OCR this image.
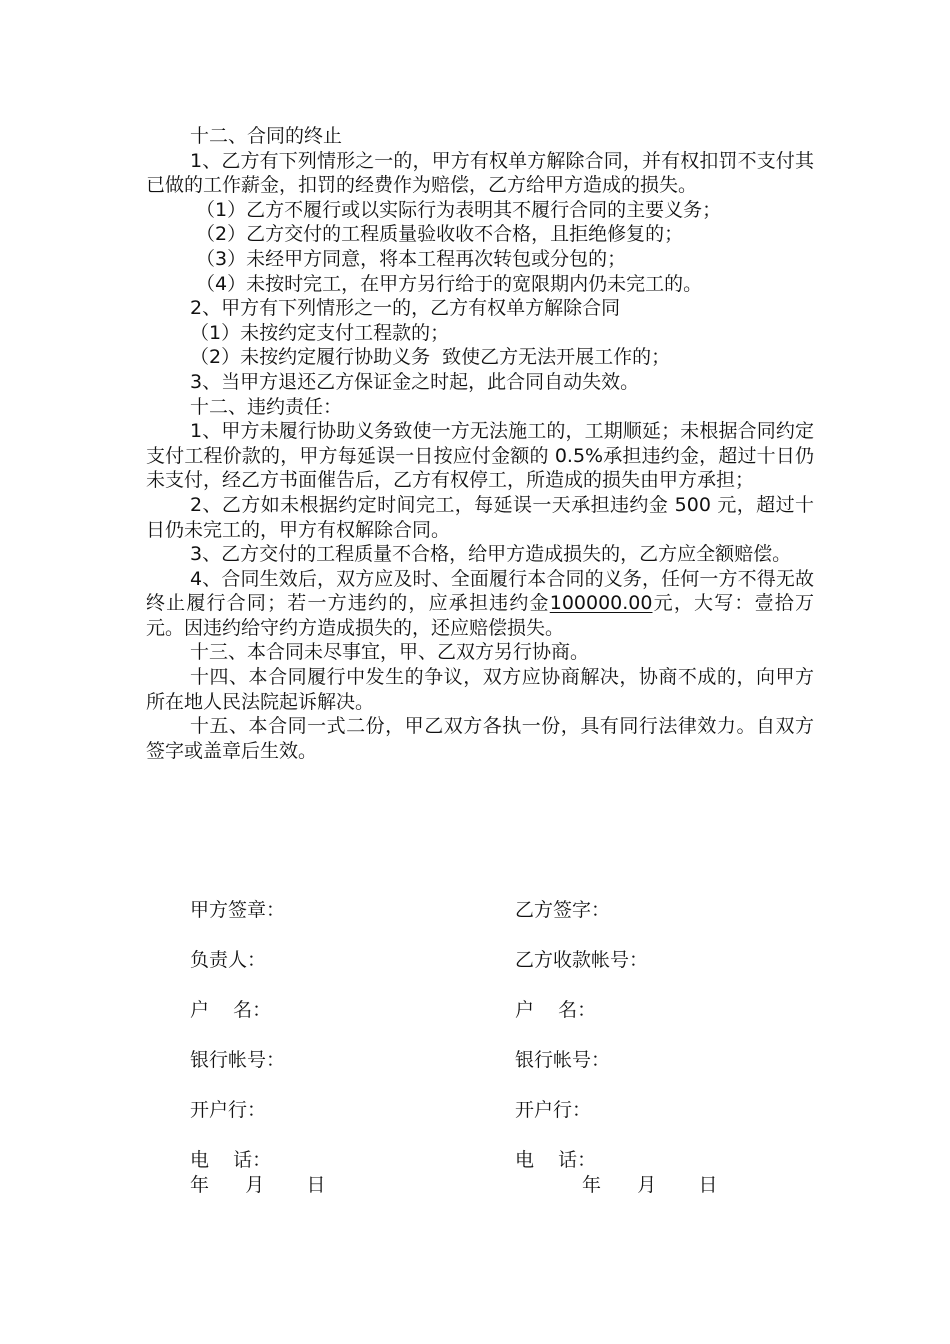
十二、合同的终止

1、乙方有下列情形之一的，甲方有权单方解除合同，并有权扣罚不支付其已做的工作薪金，扣罚的经费作为赔偿，乙方给甲方造成的损失。

（1）乙方不履行或以实际行为表明其不履行合同的主要义务；

（2）乙方交付的工程质量验收收不合格，且拒绝修复的；

（3）未经甲方同意，将本工程再次转包或分包的；

（4）未按时完工，在甲方另行给于的宽限期内仍未完工的。

2、甲方有下列情形之一的，乙方有权单方解除合同

（1）未按约定支付工程款的；

（2）未按约定履行协助义务  致使乙方无法开展工作的；

3、当甲方退还乙方保证金之时起，此合同自动失效。

十二、违约责任：

1、甲方未履行协助义务致使一方无法施工的，工期顺延；未根据合同约定支付工程价款的，甲方每延误一日按应付金额的 0.5%承担违约金，超过十日仍未支付，经乙方书面催告后，乙方有权停工，所造成的损失由甲方承担；

2、乙方如未根据约定时间完工，每延误一天承担违约金 500 元，超过十日仍未完工的，甲方有权解除合同。

3、乙方交付的工程质量不合格，给甲方造成损失的，乙方应全额赔偿。

4、合同生效后，双方应及时、全面履行本合同的义务，任何一方不得无故终止履行合同；若一方违约的，应承担违约金100000.00元，大写：壹拾万元。因违约给守约方造成损失的，还应赔偿损失。

十三、本合同未尽事宜，甲、乙双方另行协商。

十四、本合同履行中发生的争议，双方应协商解决，协商不成的，向甲方所在地人民法院起诉解决。

十五、本合同一式二份，甲乙双方各执一份，具有同行法律效力。自双方签字或盖章后生效。

甲方签章：
负责人：
户    名：
银行帐号：
开户行：
电    话：
乙方签字：
乙方收款帐号：
户    名：
银行帐号：
开户行：
电    话：
年      月       日	年      月       日
